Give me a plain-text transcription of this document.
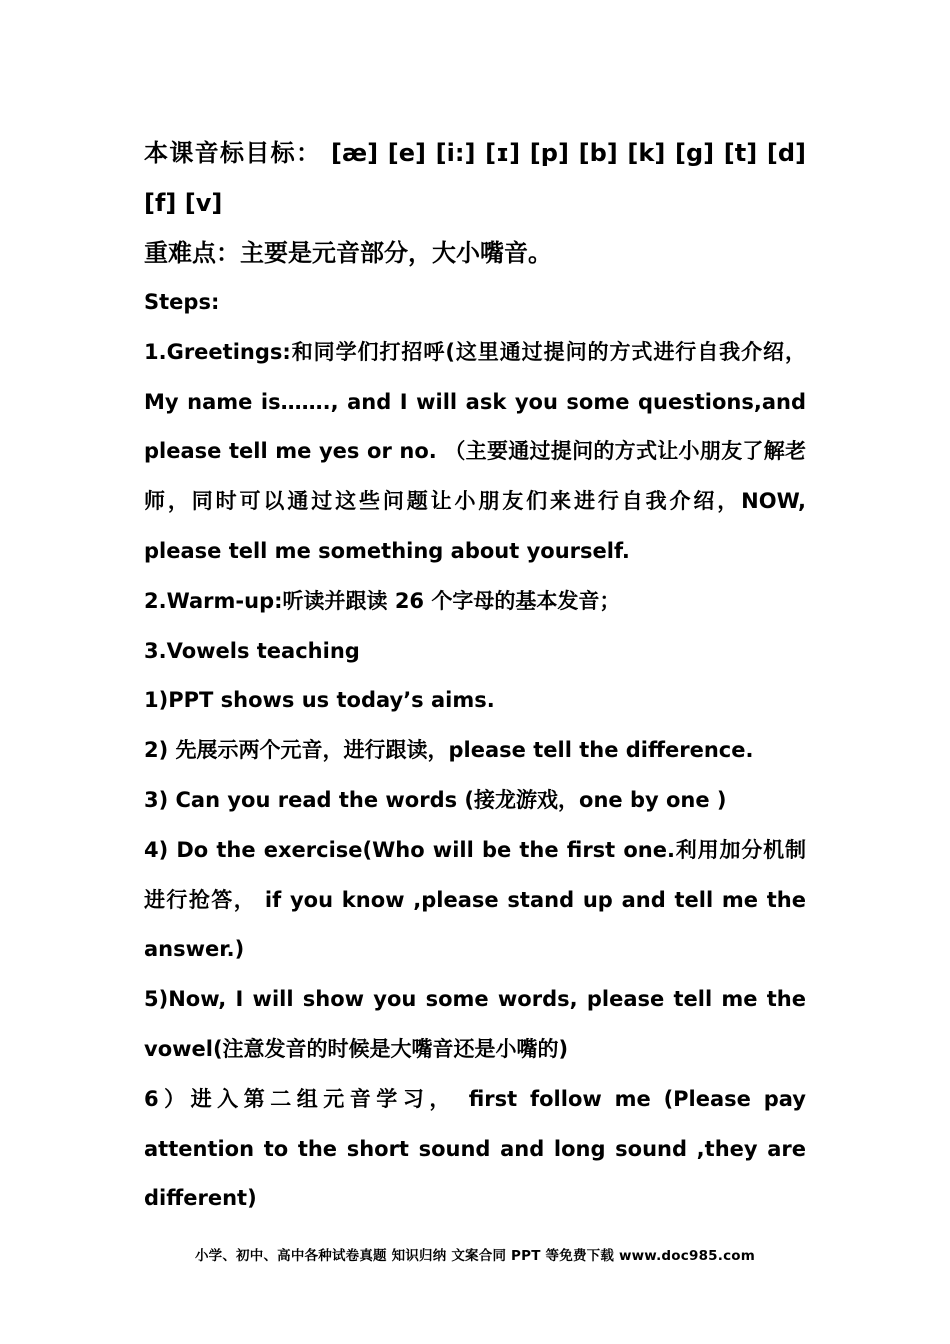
本课音标目标： [æ] [e] [i:] [ɪ] [p] [b] [k] [g] [t] [d] [f] [v]

重难点：主要是元音部分，大小嘴音。

Steps:

1.Greetings:和同学们打招呼(这里通过提问的方式进行自我介绍，My name is……., and I will ask you some questions,and please tell me yes or no. （主要通过提问的方式让小朋友了解老师，同时可以通过这些问题让小朋友们来进行自我介绍，NOW, please tell me something about yourself.

2.Warm-up:听读并跟读 26 个字母的基本发音；

3.Vowels teaching

1)PPT shows us today’s aims.

2) 先展示两个元音，进行跟读，please tell the difference.

3) Can you read the words (接龙游戏，one by one )

4) Do the exercise(Who will be the first one.利用加分机制进行抢答， if you know ,please stand up and tell me the answer.)

5)Now, I will show you some words, please tell me the vowel(注意发音的时候是大嘴音还是小嘴的)

6）进入第二组元音学习， first follow me (Please pay attention to the short sound and long sound ,they are different)

小学、初中、高中各种试卷真题 知识归纳 文案合同 PPT 等免费下载 www.doc985.com
